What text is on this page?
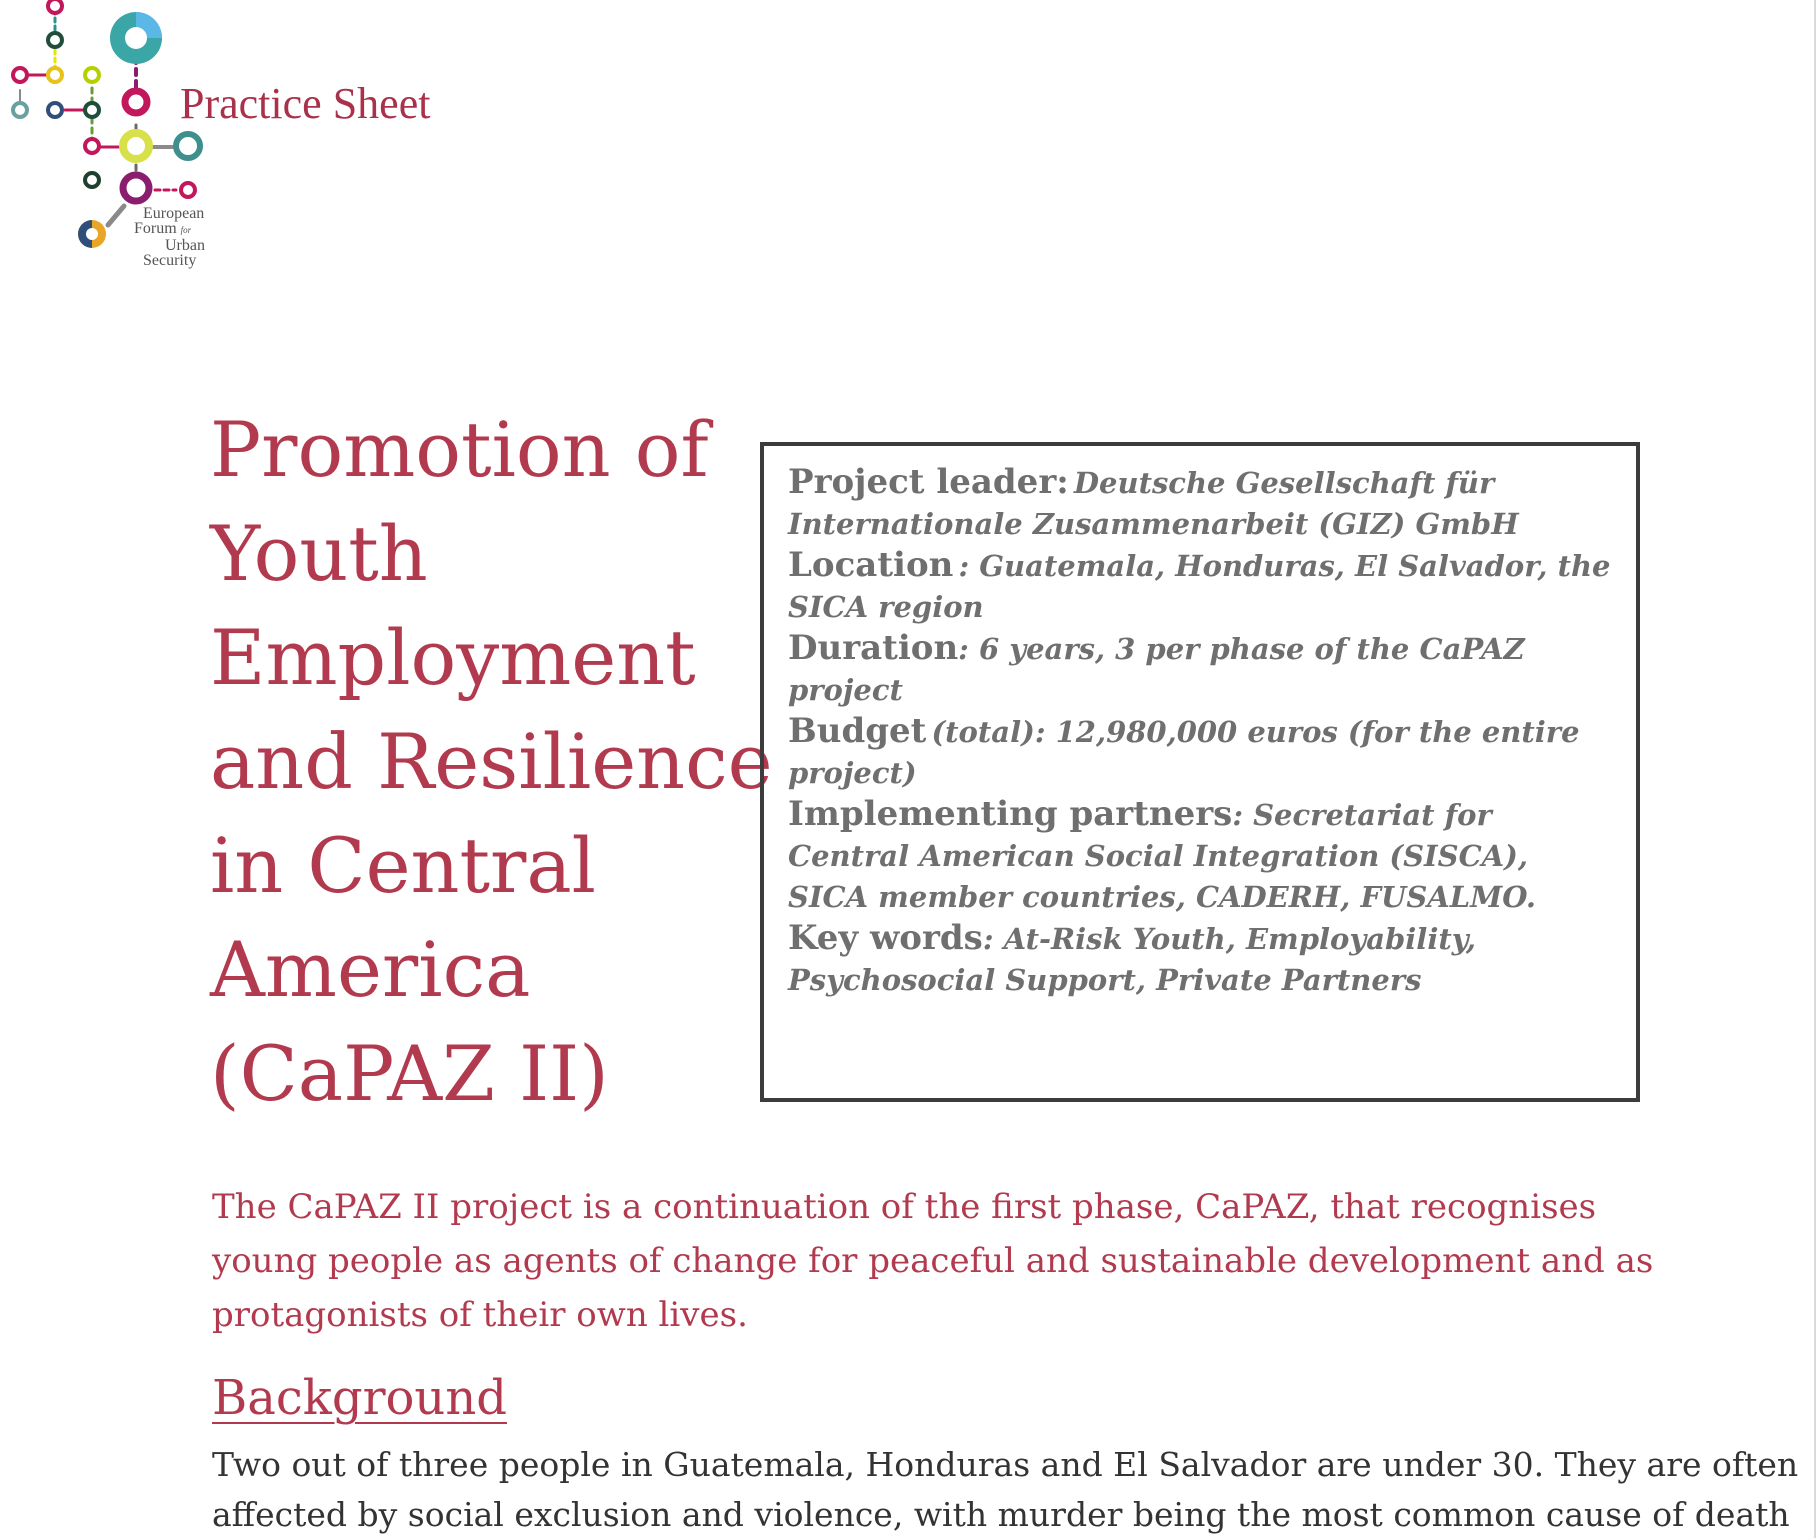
European
Forum for
Urban
Security
Practice Sheet
Promotion of
Youth
Employment
and Resilience
in Central
America
(CaPAZ II)

Project leader: Deutsche Gesellschaft für Internationale Zusammenarbeit (GIZ) GmbH

Location : Guatemala, Honduras, El Salvador, the SICA region

Duration: 6 years, 3 per phase of the CaPAZ project

Budget (total): 12,980,000 euros (for the entire project)

Implementing partners: Secretariat for Central American Social Integration (SISCA), SICA member countries, CADERH, FUSALMO.

Key words: At-Risk Youth, Employability, Psychosocial Support, Private Partners

The CaPAZ II project is a continuation of the first phase, CaPAZ, that recognises
young people as agents of change for peaceful and sustainable development and as
protagonists of their own lives.

Background

Two out of three people in Guatemala, Honduras and El Salvador are under 30. They are often
affected by social exclusion and violence, with murder being the most common cause of death
